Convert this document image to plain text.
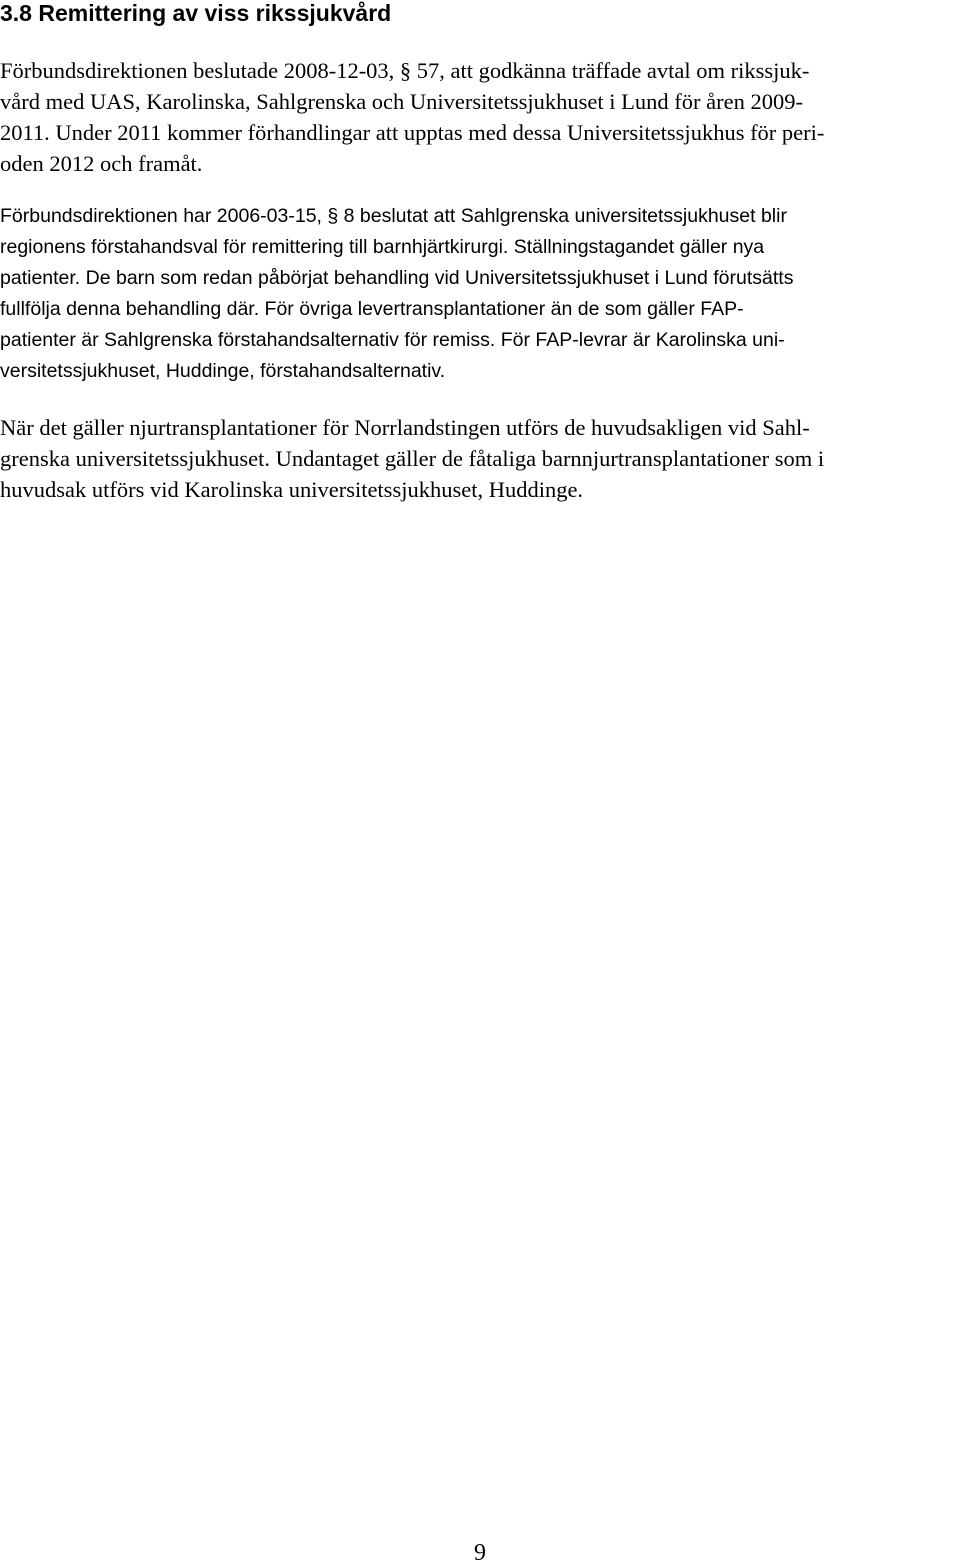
3.8 Remittering av viss rikssjukvård
Förbundsdirektionen beslutade 2008-12-03, § 57, att godkänna träffade avtal om rikssjuk-
vård med UAS, Karolinska, Sahlgrenska och Universitetssjukhuset i Lund för åren 2009-
2011. Under 2011 kommer förhandlingar att upptas med dessa Universitetssjukhus för peri-
oden 2012 och framåt.
Förbundsdirektionen har 2006-03-15, § 8 beslutat att Sahlgrenska universitetssjukhuset blir
regionens förstahandsval för remittering till barnhjärtkirurgi. Ställningstagandet gäller nya
patienter. De barn som redan påbörjat behandling vid Universitetssjukhuset i Lund förutsätts
fullfölja denna behandling där. För övriga levertransplantationer än de som gäller FAP-
patienter är Sahlgrenska förstahandsalternativ för remiss. För FAP-levrar är Karolinska uni-
versitetssjukhuset, Huddinge, förstahandsalternativ.
När det gäller njurtransplantationer för Norrlandstingen utförs de huvudsakligen vid Sahl-
grenska universitetssjukhuset. Undantaget gäller de fåtaliga barnnjurtransplantationer som i
huvudsak utförs vid Karolinska universitetssjukhuset, Huddinge.
9
